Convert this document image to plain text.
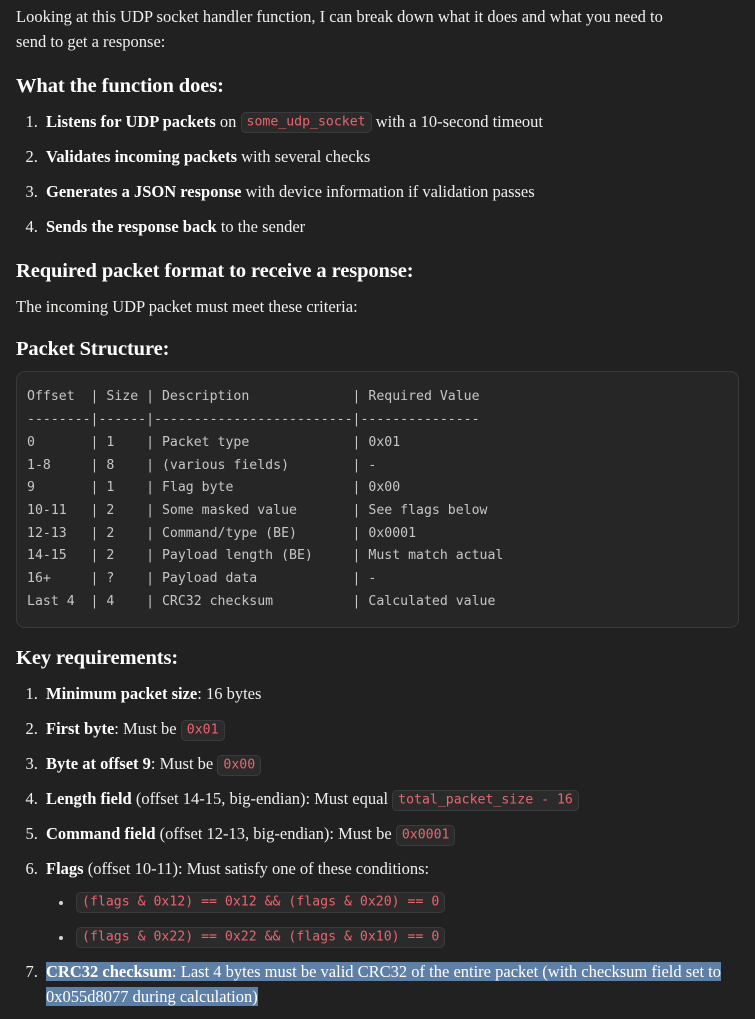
Looking at this UDP socket handler function, I can break down what it does and what you need to send to get a response:

What the function does:
1. Listens for UDP packets on some_udp_socket with a 10-second timeout
2. Validates incoming packets with several checks
3. Generates a JSON response with device information if validation passes
4. Sends the response back to the sender
Required packet format to receive a response:

The incoming UDP packet must meet these criteria:

Packet Structure:
Offset  | Size | Description             | Required Value
--------|------|-------------------------|---------------
0       | 1    | Packet type             | 0x01
1-8     | 8    | (various fields)        | -
9       | 1    | Flag byte               | 0x00
10-11   | 2    | Some masked value       | See flags below
12-13   | 2    | Command/type (BE)       | 0x0001
14-15   | 2    | Payload length (BE)     | Must match actual
16+     | ?    | Payload data            | -
Last 4  | 4    | CRC32 checksum          | Calculated value
Key requirements:
1. Minimum packet size: 16 bytes
2. First byte: Must be 0x01
3. Byte at offset 9: Must be 0x00
4. Length field (offset 14-15, big-endian): Must equal total_packet_size - 16
5. Command field (offset 12-13, big-endian): Must be 0x0001
6. Flags (offset 10-11): Must satisfy one of these conditions:
• (flags & 0x12) == 0x12 && (flags & 0x20) == 0
• (flags & 0x22) == 0x22 && (flags & 0x10) == 0
7. CRC32 checksum: Last 4 bytes must be valid CRC32 of the entire packet (with checksum field set to 0x055d8077 during calculation)
